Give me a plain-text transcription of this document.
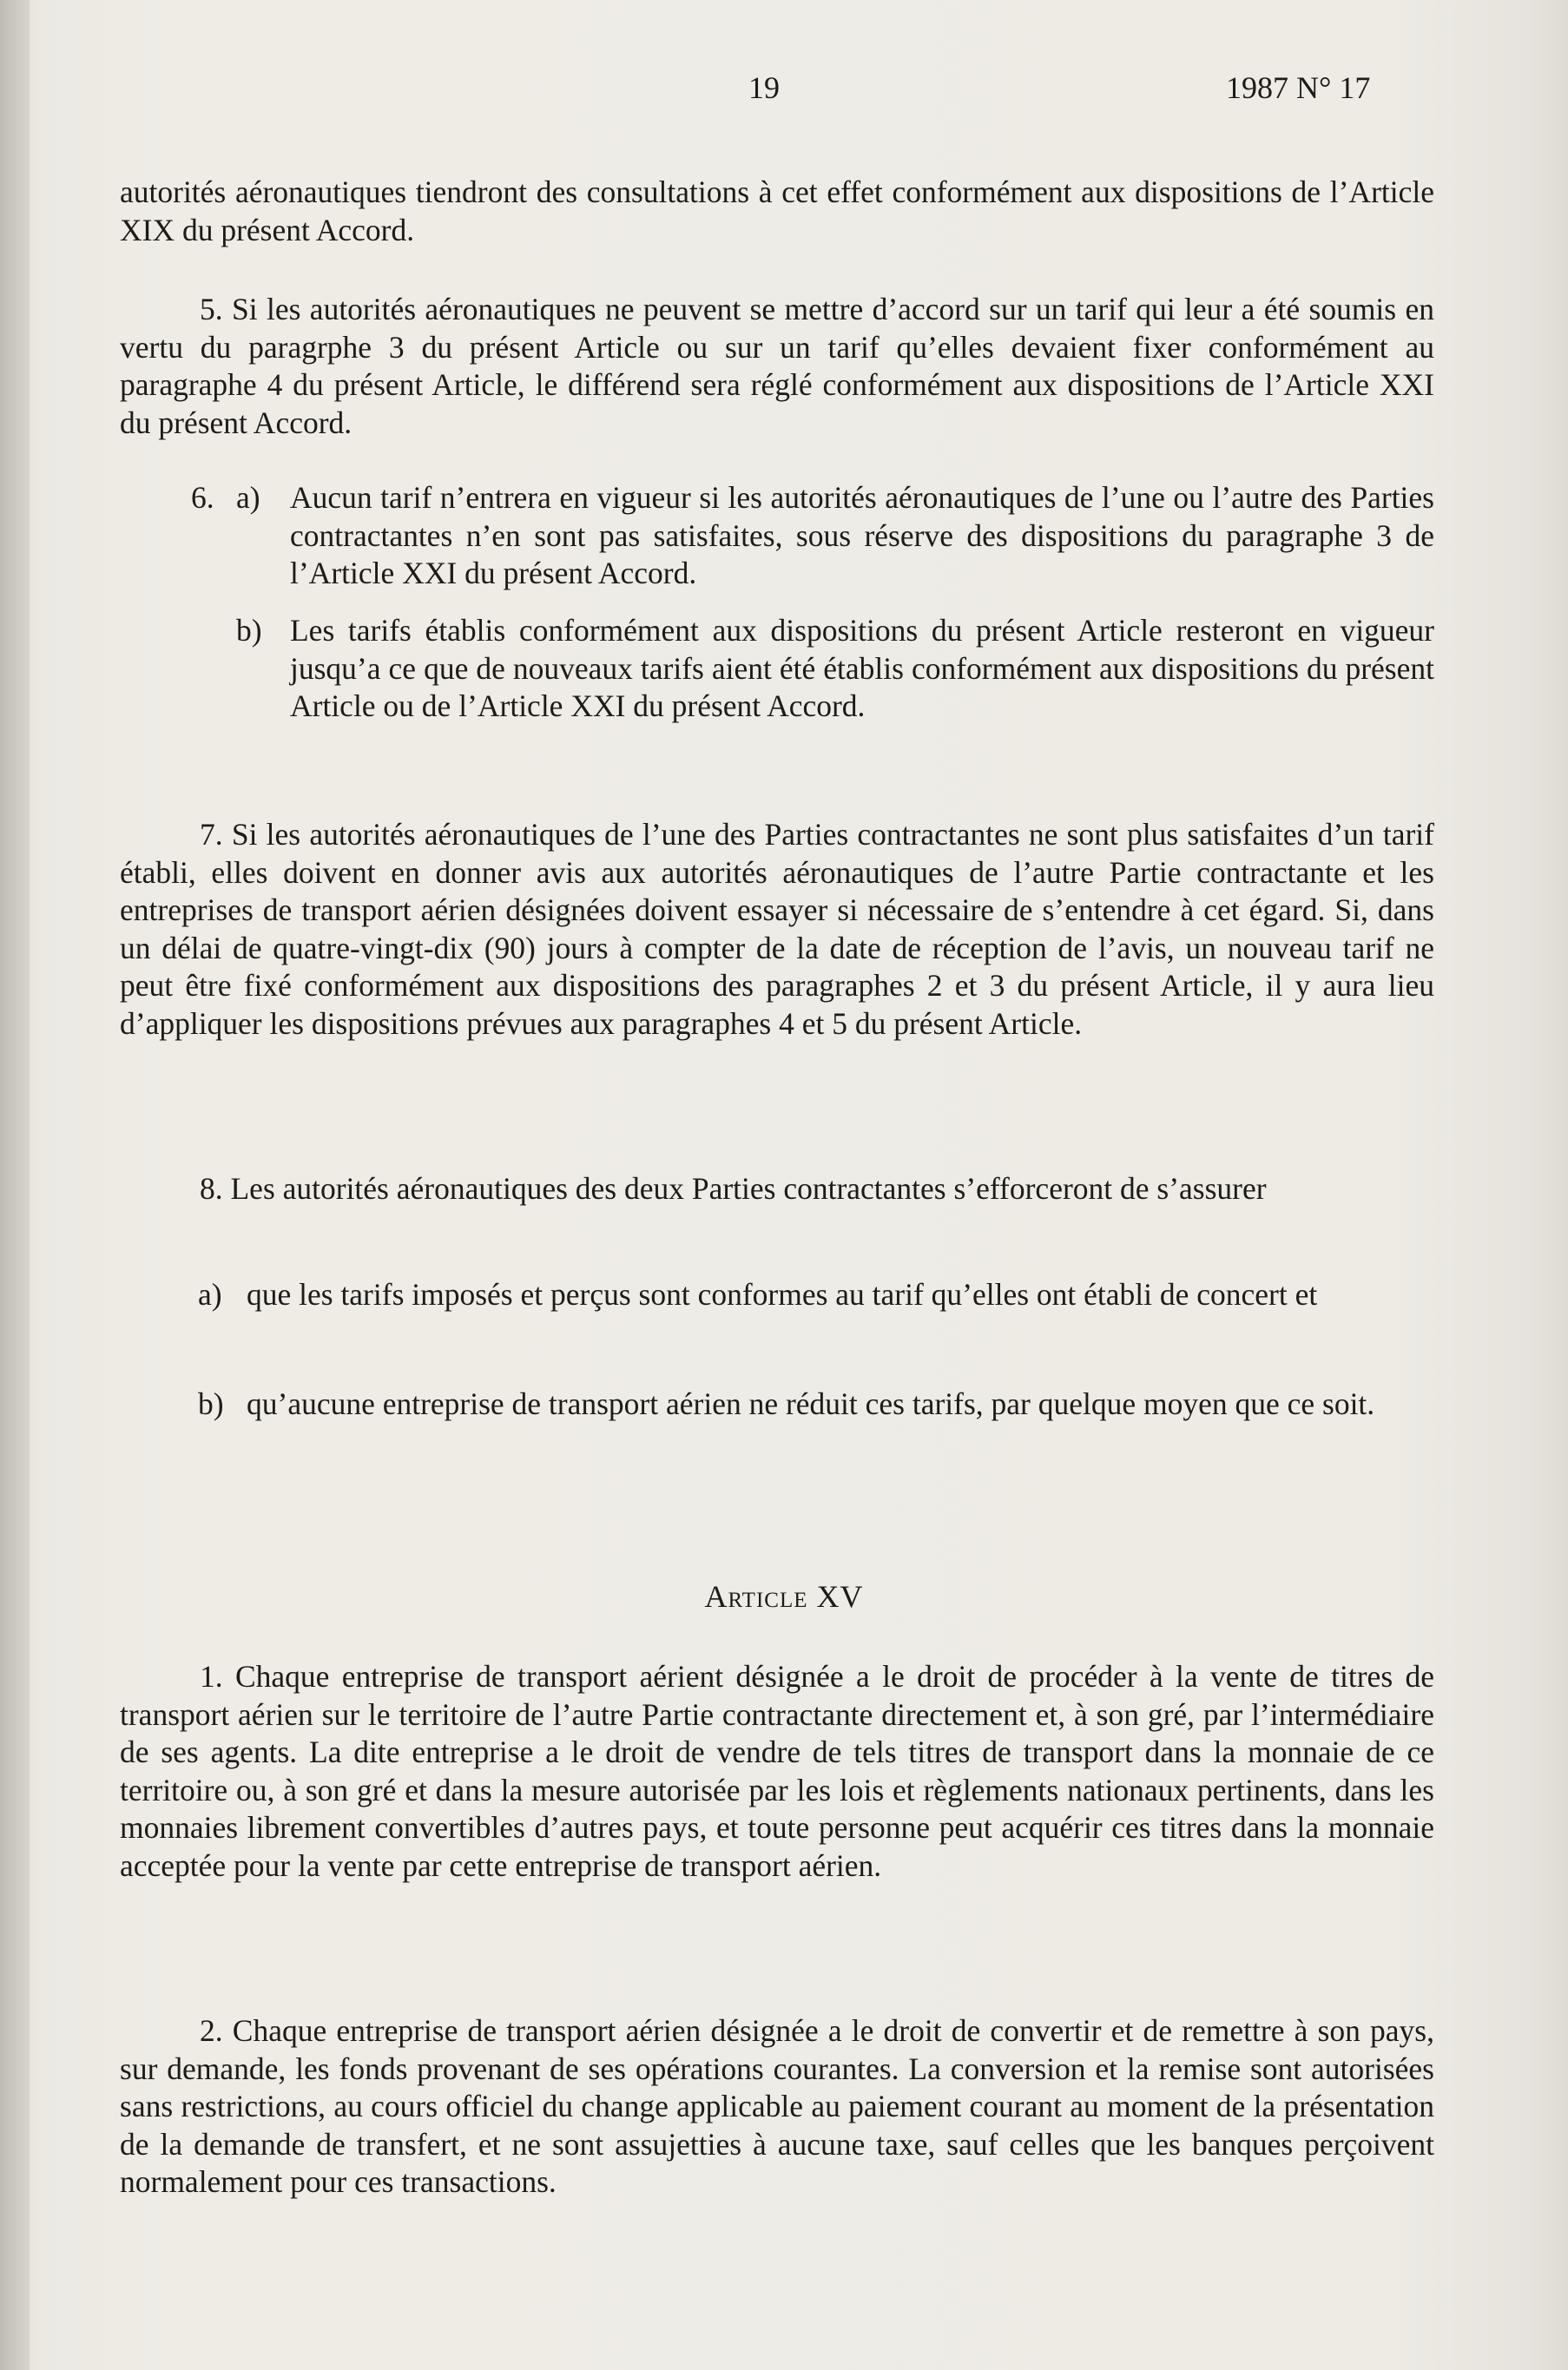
19	1987 N° 17
autorités aéronautiques tiendront des consultations à cet effet conformément aux dispositions de l’Article XIX du présent Accord.
5. Si les autorités aéronautiques ne peuvent se mettre d’accord sur un tarif qui leur a été soumis en vertu du paragrphe 3 du présent Article ou sur un tarif qu’elles devaient fixer conformément au paragraphe 4 du présent Article, le différend sera réglé conformément aux dispositions de l’Article XXI du présent Accord.
6. a) Aucun tarif n’entrera en vigueur si les autorités aéronautiques de l’une ou l’autre des Parties contractantes n’en sont pas satisfaites, sous réserve des dispositions du paragraphe 3 de l’Article XXI du présent Accord.
b) Les tarifs établis conformément aux dispositions du présent Article resteront en vigueur jusqu’a ce que de nouveaux tarifs aient été établis conformément aux dispositions du présent Article ou de l’Article XXI du présent Accord.
7. Si les autorités aéronautiques de l’une des Parties contractantes ne sont plus satisfaites d’un tarif établi, elles doivent en donner avis aux autorités aéronautiques de l’autre Partie contractante et les entreprises de transport aérien désignées doivent essayer si nécessaire de s’entendre à cet égard. Si, dans un délai de quatre-vingt-dix (90) jours à compter de la date de réception de l’avis, un nouveau tarif ne peut être fixé conformément aux dispositions des paragraphes 2 et 3 du présent Article, il y aura lieu d’appliquer les dispositions prévues aux paragraphes 4 et 5 du présent Article.
8. Les autorités aéronautiques des deux Parties contractantes s’efforceront de s’assurer
a) que les tarifs imposés et perçus sont conformes au tarif qu’elles ont établi de concert et
b) qu’aucune entreprise de transport aérien ne réduit ces tarifs, par quelque moyen que ce soit.
Article XV
1. Chaque entreprise de transport aérient désignée a le droit de procéder à la vente de titres de transport aérien sur le territoire de l’autre Partie contractante directement et, à son gré, par l’intermédiaire de ses agents. La dite entreprise a le droit de vendre de tels titres de transport dans la monnaie de ce territoire ou, à son gré et dans la mesure autorisée par les lois et règlements nationaux pertinents, dans les monnaies librement convertibles d’autres pays, et toute personne peut acquérir ces titres dans la monnaie acceptée pour la vente par cette entreprise de transport aérien.
2. Chaque entreprise de transport aérien désignée a le droit de convertir et de remettre à son pays, sur demande, les fonds provenant de ses opérations courantes. La conversion et la remise sont autorisées sans restrictions, au cours officiel du change applicable au paiement courant au moment de la présentation de la demande de transfert, et ne sont assujetties à aucune taxe, sauf celles que les banques perçoivent normalement pour ces transactions.
